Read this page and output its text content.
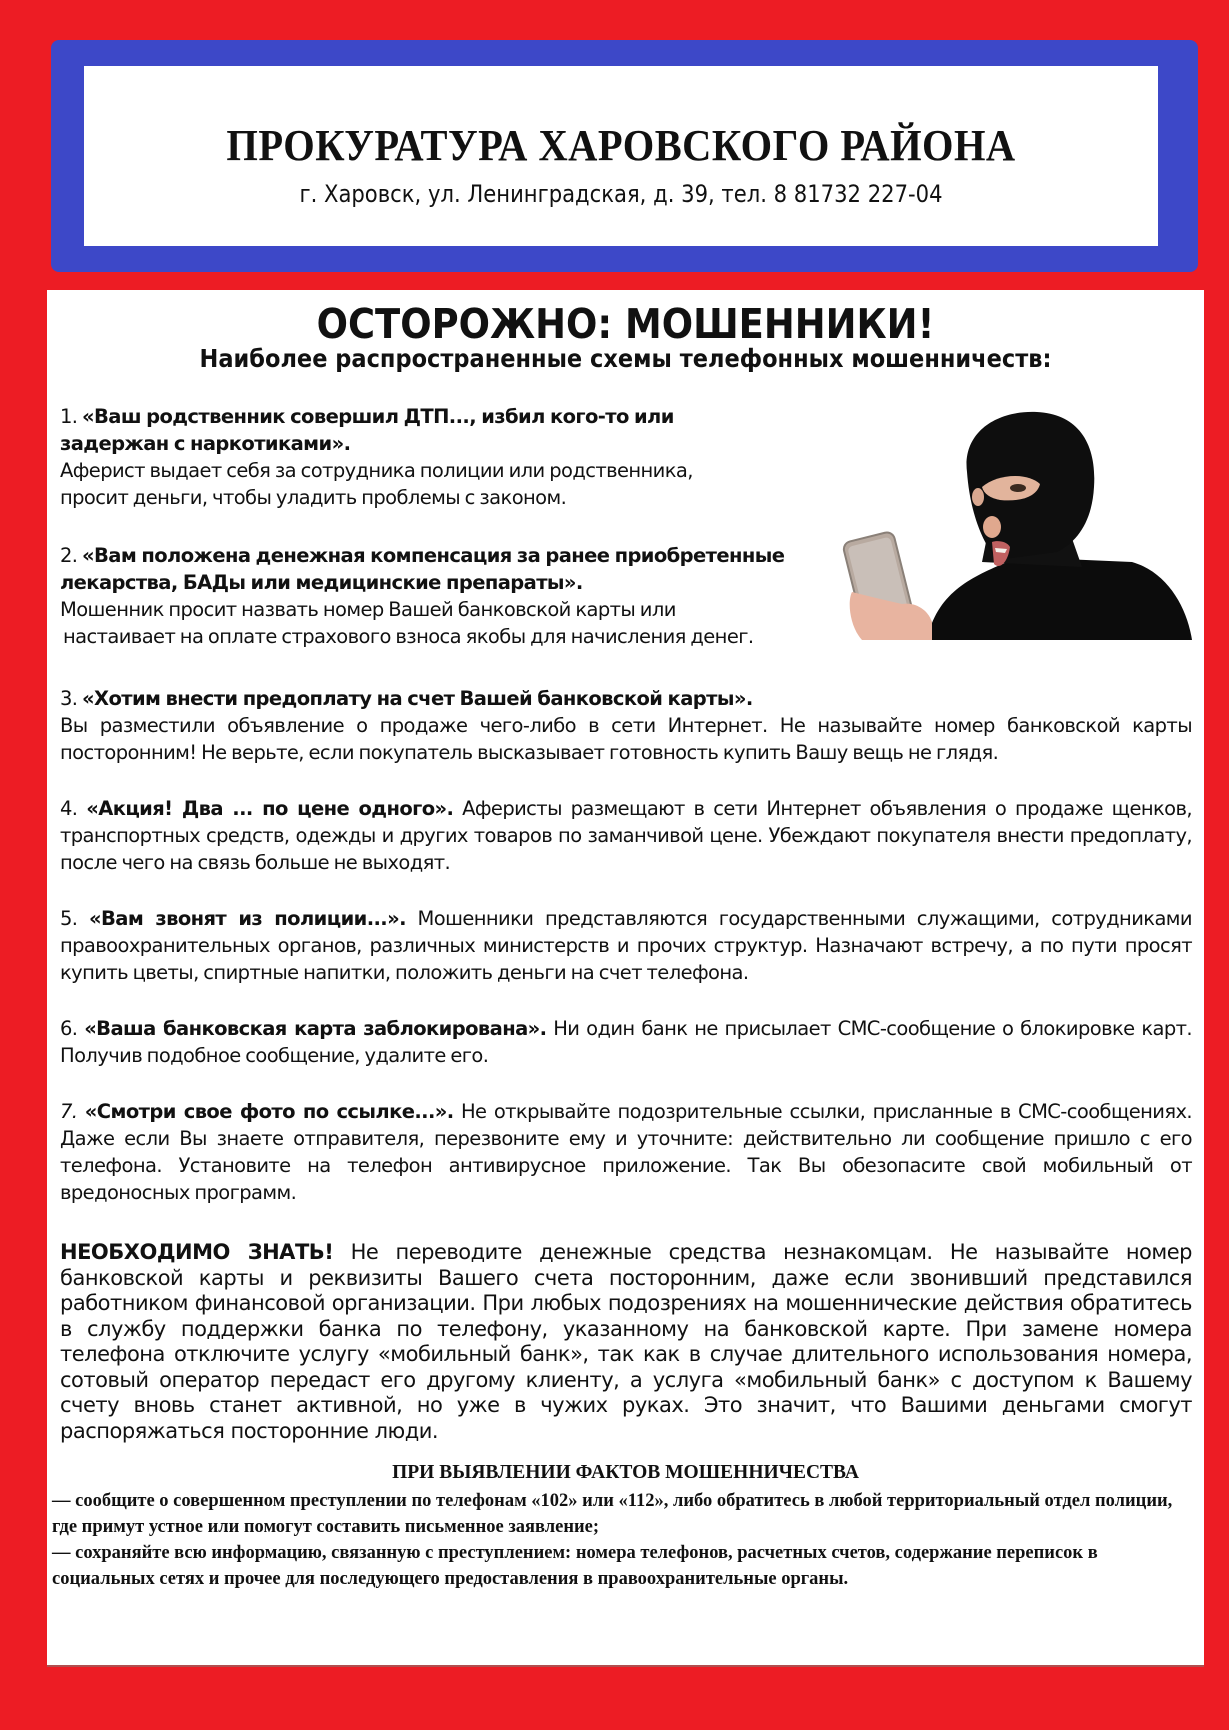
ПРОКУРАТУРА ХАРОВСКОГО РАЙОНА
г. Харовск, ул. Ленинградская, д. 39, тел. 8 81732 227-04
ОСТОРОЖНО: МОШЕННИКИ!
Наиболее распространенные схемы телефонных мошенничеств:
1. «Ваш родственник совершил ДТП..., избил кого-то или
задержан с наркотиками».
Аферист выдает себя за сотрудника полиции или родственника,
просит деньги, чтобы уладить проблемы с законом.
2. «Вам положена денежная компенсация за ранее приобретенные
лекарства, БАДы или медицинские препараты».
Мошенник просит назвать номер Вашей банковской карты или
настаивает на оплате страхового взноса якобы для начисления денег.
3. «Хотим внести предоплату на счет Вашей банковской карты».
Вы разместили объявление о продаже чего-либо в сети Интернет. Не называйте номер банковской карты посторонним! Не верьте, если покупатель высказывает готовность купить Вашу вещь не глядя.
4. «Акция! Два ... по цене одного». Аферисты размещают в сети Интернет объявления о продаже щенков, транспортных средств, одежды и других товаров по заманчивой цене. Убеждают покупателя внести предоплату, после чего на связь больше не выходят.
5. «Вам звонят из полиции...». Мошенники представляются государственными служащими, сотрудниками правоохранительных органов, различных министерств и прочих структур. Назначают встречу, а по пути просят купить цветы, спиртные напитки, положить деньги на счет телефона.
6. «Ваша банковская карта заблокирована». Ни один банк не присылает СМС-сообщение о блокировке карт. Получив подобное сообщение, удалите его.
7. «Смотри свое фото по ссылке...». Не открывайте подозрительные ссылки, присланные в СМС-сообщениях. Даже если Вы знаете отправителя, перезвоните ему и уточните: действительно ли сообщение пришло с его телефона. Установите на телефон антивирусное приложение. Так Вы обезопасите свой мобильный от вредоносных программ.
НЕОБХОДИМО ЗНАТЬ! Не переводите денежные средства незнакомцам. Не называйте номер банковской карты и реквизиты Вашего счета посторонним, даже если звонивший представился работником финансовой организации. При любых подозрениях на мошеннические действия обратитесь в службу поддержки банка по телефону, указанному на банковской карте. При замене номера телефона отключите услугу «мобильный банк», так как в случае длительного использования номера, сотовый оператор передаст его другому клиенту, а услуга «мобильный банк» с доступом к Вашему счету вновь станет активной, но уже в чужих руках. Это значит, что Вашими деньгами смогут распоряжаться посторонние люди.
ПРИ ВЫЯВЛЕНИИ ФАКТОВ МОШЕННИЧЕСТВА
— сообщите о совершенном преступлении по телефонам «102» или «112», либо обратитесь в любой территориальный отдел полиции, где примут устное или помогут составить письменное заявление;
— сохраняйте всю информацию, связанную с преступлением: номера телефонов, расчетных счетов, содержание переписок в социальных сетях и прочее для последующего предоставления в правоохранительные органы.
